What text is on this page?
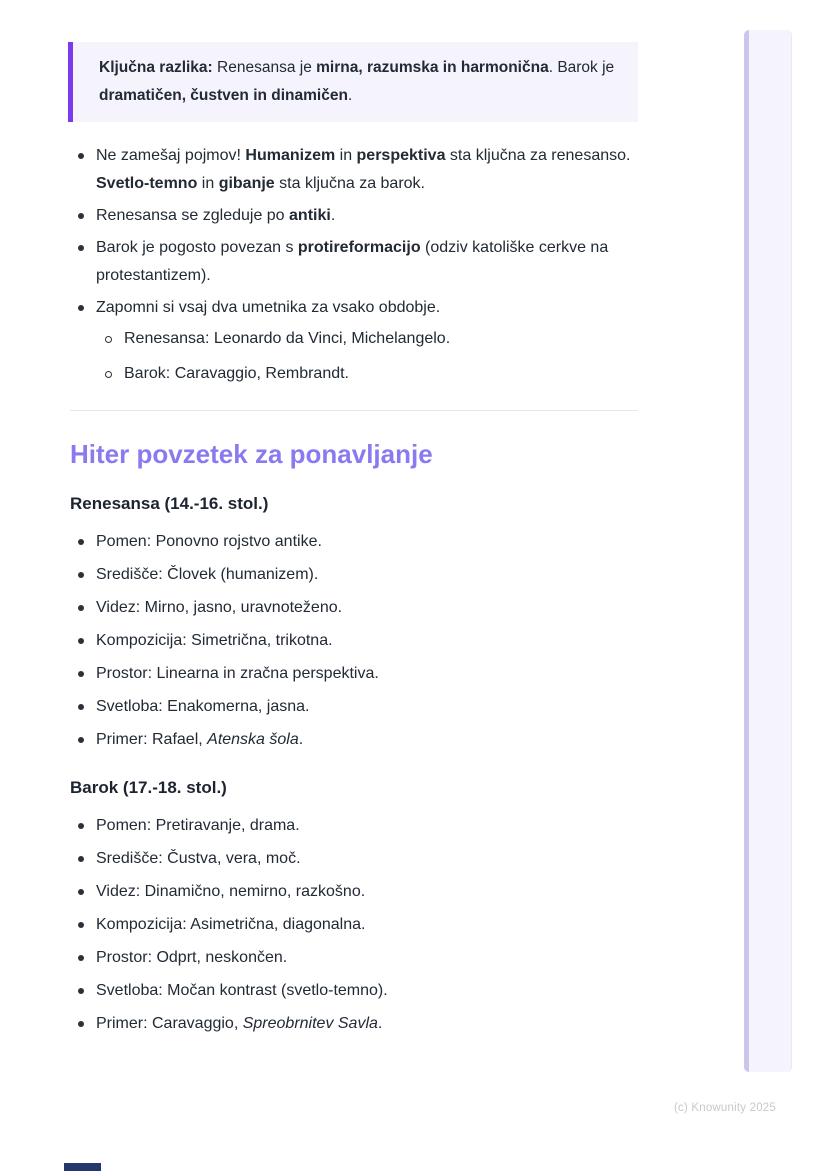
Ključna razlika: Renesansa je mirna, razumska in harmonična. Barok je dramatičen, čustven in dinamičen.

Ne zamešaj pojmov! Humanizem in perspektiva sta ključna za renesanso. Svetlo-temno in gibanje sta ključna za barok.
Renesansa se zgleduje po antiki.
Barok je pogosto povezan s protireformacijo (odziv katoliške cerkve na protestantizem).
Zapomni si vsaj dva umetnika za vsako obdobje.
Renesansa: Leonardo da Vinci, Michelangelo.
Barok: Caravaggio, Rembrandt.
Hiter povzetek za ponavljanje
Renesansa (14.-16. stol.)
Pomen: Ponovno rojstvo antike.
Središče: Človek (humanizem).
Videz: Mirno, jasno, uravnoteženo.
Kompozicija: Simetrična, trikotna.
Prostor: Linearna in zračna perspektiva.
Svetloba: Enakomerna, jasna.
Primer: Rafael, Atenska šola.
Barok (17.-18. stol.)
Pomen: Pretiravanje, drama.
Središče: Čustva, vera, moč.
Videz: Dinamično, nemirno, razkošno.
Kompozicija: Asimetrična, diagonalna.
Prostor: Odprt, neskončen.
Svetloba: Močan kontrast (svetlo-temno).
Primer: Caravaggio, Spreobrnitev Savla.
(c) Knowunity 2025
